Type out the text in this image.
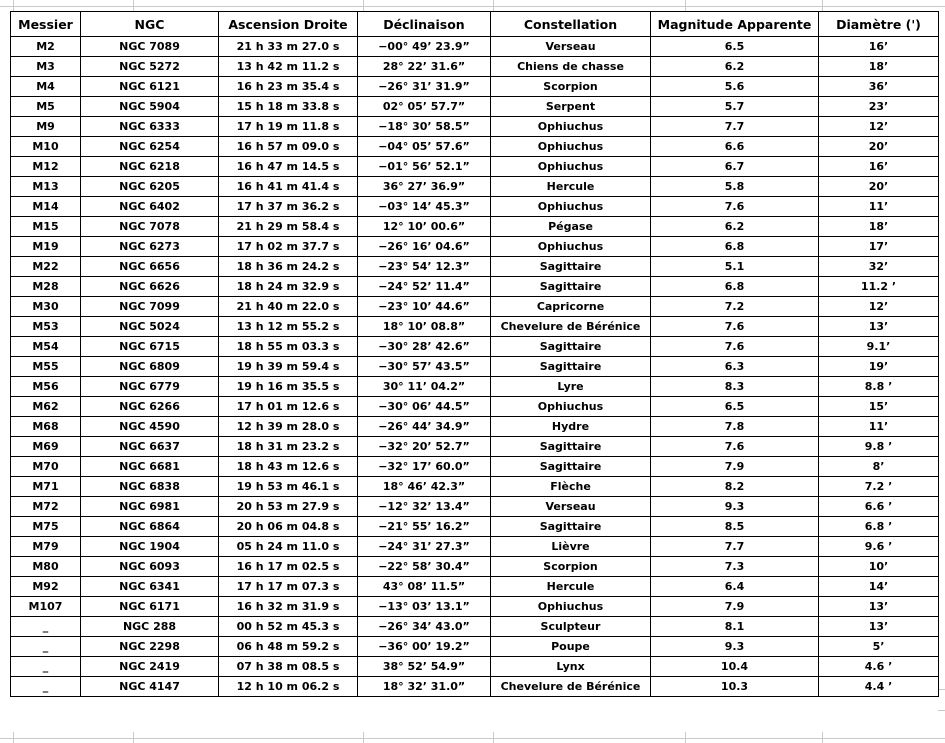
Messier	NGC	Ascension Droite	Déclinaison	Constellation	Magnitude Apparente	Diamètre (')
M2	NGC 7089	21 h 33 m 27.0 s	−00° 49’ 23.9”	Verseau	6.5	16’
M3	NGC 5272	13 h 42 m 11.2 s	28° 22’ 31.6”	Chiens de chasse	6.2	18’
M4	NGC 6121	16 h 23 m 35.4 s	−26° 31’ 31.9”	Scorpion	5.6	36’
M5	NGC 5904	15 h 18 m 33.8 s	02° 05’ 57.7”	Serpent	5.7	23’
M9	NGC 6333	17 h 19 m 11.8 s	−18° 30’ 58.5”	Ophiuchus	7.7	12’
M10	NGC 6254	16 h 57 m 09.0 s	−04° 05’ 57.6”	Ophiuchus	6.6	20’
M12	NGC 6218	16 h 47 m 14.5 s	−01° 56’ 52.1”	Ophiuchus	6.7	16’
M13	NGC 6205	16 h 41 m 41.4 s	36° 27’ 36.9”	Hercule	5.8	20’
M14	NGC 6402	17 h 37 m 36.2 s	−03° 14’ 45.3”	Ophiuchus	7.6	11’
M15	NGC 7078	21 h 29 m 58.4 s	12° 10’ 00.6”	Pégase	6.2	18’
M19	NGC 6273	17 h 02 m 37.7 s	−26° 16’ 04.6”	Ophiuchus	6.8	17’
M22	NGC 6656	18 h 36 m 24.2 s	−23° 54’ 12.3”	Sagittaire	5.1	32’
M28	NGC 6626	18 h 24 m 32.9 s	−24° 52’ 11.4”	Sagittaire	6.8	11.2 ’
M30	NGC 7099	21 h 40 m 22.0 s	−23° 10’ 44.6”	Capricorne	7.2	12’
M53	NGC 5024	13 h 12 m 55.2 s	18° 10’ 08.8”	Chevelure de Bérénice	7.6	13’
M54	NGC 6715	18 h 55 m 03.3 s	−30° 28’ 42.6”	Sagittaire	7.6	9.1’
M55	NGC 6809	19 h 39 m 59.4 s	−30° 57’ 43.5”	Sagittaire	6.3	19’
M56	NGC 6779	19 h 16 m 35.5 s	30° 11’ 04.2”	Lyre	8.3	8.8 ’
M62	NGC 6266	17 h 01 m 12.6 s	−30° 06’ 44.5”	Ophiuchus	6.5	15’
M68	NGC 4590	12 h 39 m 28.0 s	−26° 44’ 34.9”	Hydre	7.8	11’
M69	NGC 6637	18 h 31 m 23.2 s	−32° 20’ 52.7”	Sagittaire	7.6	9.8 ’
M70	NGC 6681	18 h 43 m 12.6 s	−32° 17’ 60.0”	Sagittaire	7.9	8’
M71	NGC 6838	19 h 53 m 46.1 s	18° 46’ 42.3”	Flèche	8.2	7.2 ’
M72	NGC 6981	20 h 53 m 27.9 s	−12° 32’ 13.4”	Verseau	9.3	6.6 ’
M75	NGC 6864	20 h 06 m 04.8 s	−21° 55’ 16.2”	Sagittaire	8.5	6.8 ’
M79	NGC 1904	05 h 24 m 11.0 s	−24° 31’ 27.3”	Lièvre	7.7	9.6 ’
M80	NGC 6093	16 h 17 m 02.5 s	−22° 58’ 30.4”	Scorpion	7.3	10’
M92	NGC 6341	17 h 17 m 07.3 s	43° 08’ 11.5”	Hercule	6.4	14’
M107	NGC 6171	16 h 32 m 31.9 s	−13° 03’ 13.1”	Ophiuchus	7.9	13’
_	NGC 288	00 h 52 m 45.3 s	−26° 34’ 43.0”	Sculpteur	8.1	13’
_	NGC 2298	06 h 48 m 59.2 s	−36° 00’ 19.2”	Poupe	9.3	5’
_	NGC 2419	07 h 38 m 08.5 s	38° 52’ 54.9”	Lynx	10.4	4.6 ’
_	NGC 4147	12 h 10 m 06.2 s	18° 32’ 31.0”	Chevelure de Bérénice	10.3	4.4 ’
